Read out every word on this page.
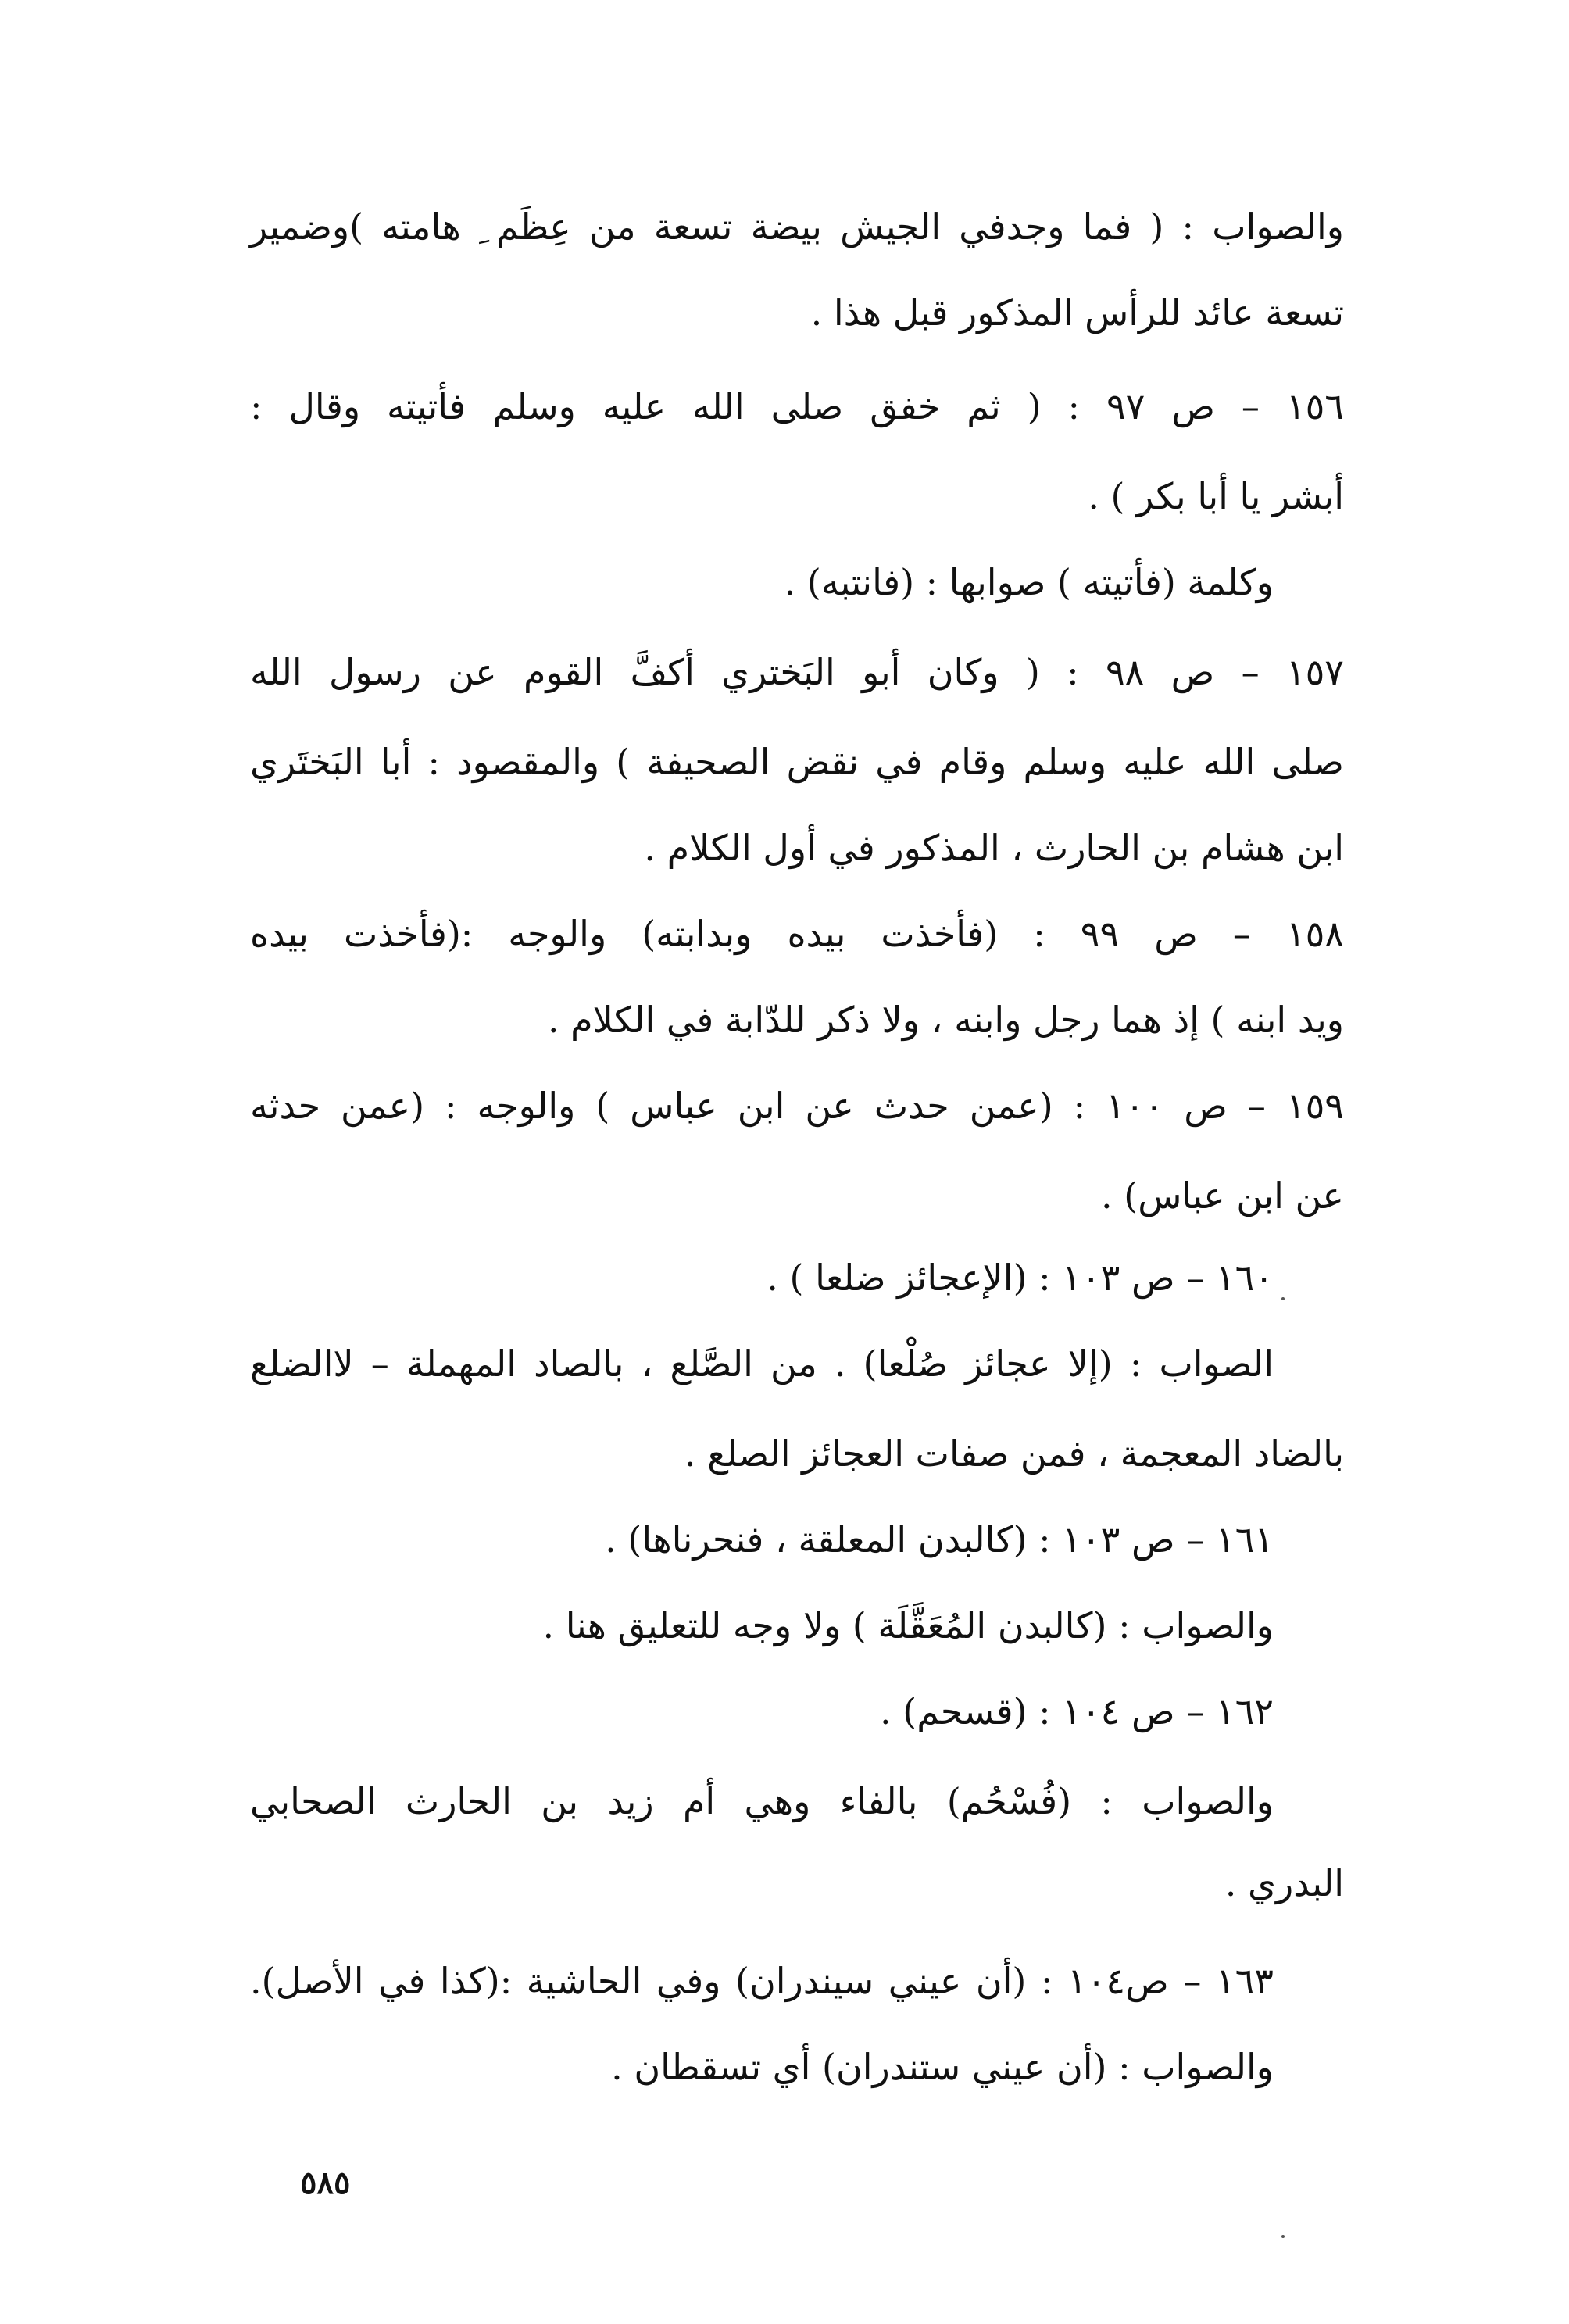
والصواب : ( فما وجدفي الجيش بيضة تسعة من عِظَم ِ هامته )وضمير
تسعة عائد للرأس المذكور قبل هذا .
١٥٦ – ص ٩٧ : ( ثم خفق صلى الله عليه وسلم فأتيته وقال :
أبشر يا أبا بكر ) .
وكلمة (فأتيته ) صوابها : (فانتبه) .
١٥٧ – ص ٩٨ : ( وكان أبو البَختري أكفَّ القوم عن رسول الله
صلى الله عليه وسلم وقام في نقض الصحيفة ) والمقصود : أبا البَختَري
ابن هشام بن الحارث ، المذكور في أول الكلام .
١٥٨ – ص ٩٩ : (فأخذت بيده وبدابته) والوجه :(فأخذت بيده
ويد ابنه ) إذ هما رجل وابنه ، ولا ذكر للدّابة في الكلام .
١٥٩ – ص ١٠٠ : (عمن حدث عن ابن عباس ) والوجه : (عمن حدثه
عن ابن عباس) .
١٦٠ – ص ١٠٣ : (الإعجائز ضلعا ) .
الصواب : (إلا عجائز صُلْعا) . من الصَّلع ، بالصاد المهملة – لاالضلع
بالضاد المعجمة ، فمن صفات العجائز الصلع .
١٦١ – ص ١٠٣ : (كالبدن المعلقة ، فنحرناها) .
والصواب : (كالبدن المُعَقَّلَة ) ولا وجه للتعليق هنا .
١٦٢ – ص ١٠٤ : (قسحم) .
والصواب : (فُسْحُم) بالفاء وهي أم زيد بن الحارث الصحابي
البدري .
١٦٣ – ص١٠٤ : (أن عيني سيندران) وفي الحاشية :(كذا في الأصل).
والصواب : (أن عيني ستندران) أي تسقطان .
٥٨٥
